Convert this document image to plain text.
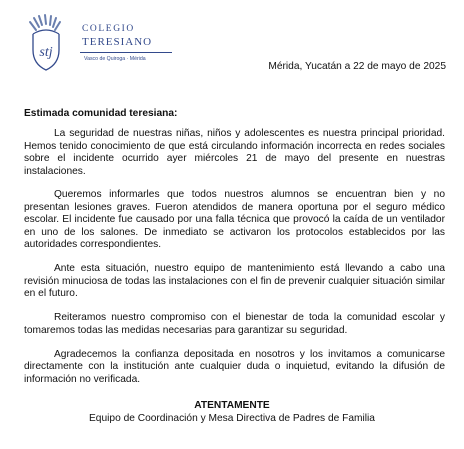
stj
COLEGIO
TERESIANO
Vasco de Quiroga · Mérida
Mérida, Yucatán a 22 de mayo de 2025
Estimada comunidad teresiana:

La seguridad de nuestras niñas, niños y adolescentes es nuestra principal prioridad. Hemos tenido conocimiento de que está circulando información incorrecta en redes sociales sobre el incidente ocurrido ayer miércoles 21 de mayo del presente en nuestras instalaciones.

Queremos informarles que todos nuestros alumnos se encuentran bien y no presentan lesiones graves. Fueron atendidos de manera oportuna por el seguro médico escolar. El incidente fue causado por una falla técnica que provocó la caída de un ventilador en uno de los salones. De inmediato se activaron los protocolos establecidos por las autoridades correspondientes.

Ante esta situación, nuestro equipo de mantenimiento está llevando a cabo una revisión minuciosa de todas las instalaciones con el fin de prevenir cualquier situación similar en el futuro.

Reiteramos nuestro compromiso con el bienestar de toda la comunidad escolar y tomaremos todas las medidas necesarias para garantizar su seguridad.

Agradecemos la confianza depositada en nosotros y los invitamos a comunicarse directamente con la institución ante cualquier duda o inquietud, evitando la difusión de información no verificada.

ATENTAMENTE
Equipo de Coordinación y Mesa Directiva de Padres de Familia
